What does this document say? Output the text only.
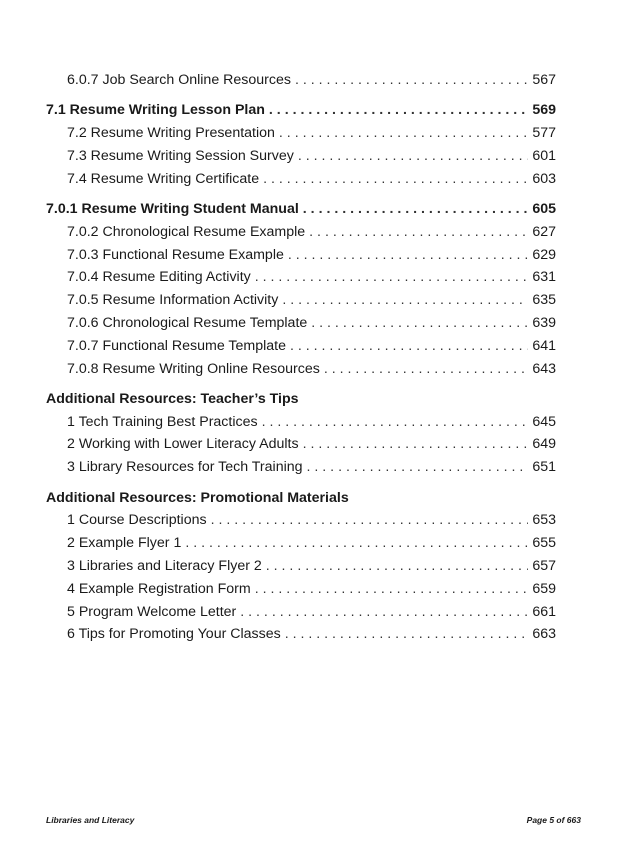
6.0.7 Job Search Online Resources . . .	567
7.1 Resume Writing Lesson Plan . . .	569
7.2 Resume Writing Presentation . . .	577
7.3 Resume Writing Session Survey . . .	601
7.4 Resume Writing Certificate . . .	603
7.0.1 Resume Writing Student Manual . . .	605
7.0.2 Chronological Resume Example . . .	627
7.0.3 Functional Resume Example . . .	629
7.0.4 Resume Editing Activity . . .	631
7.0.5 Resume Information Activity . . .	635
7.0.6 Chronological Resume Template . . .	639
7.0.7 Functional Resume Template . . .	641
7.0.8 Resume Writing Online Resources . . .	643
Additional Resources: Teacher’s Tips
1 Tech Training Best Practices . . .	645
2 Working with Lower Literacy Adults . . .	649
3 Library Resources for Tech Training . . .	651
Additional Resources: Promotional Materials
1 Course Descriptions . . .	653
2 Example Flyer 1 . . .	655
3 Libraries and Literacy Flyer 2 . . .	657
4 Example Registration Form . . .	659
5 Program Welcome Letter . . .	661
6 Tips for Promoting Your Classes . . .	663
Libraries and Literacy	Page 5 of 663
